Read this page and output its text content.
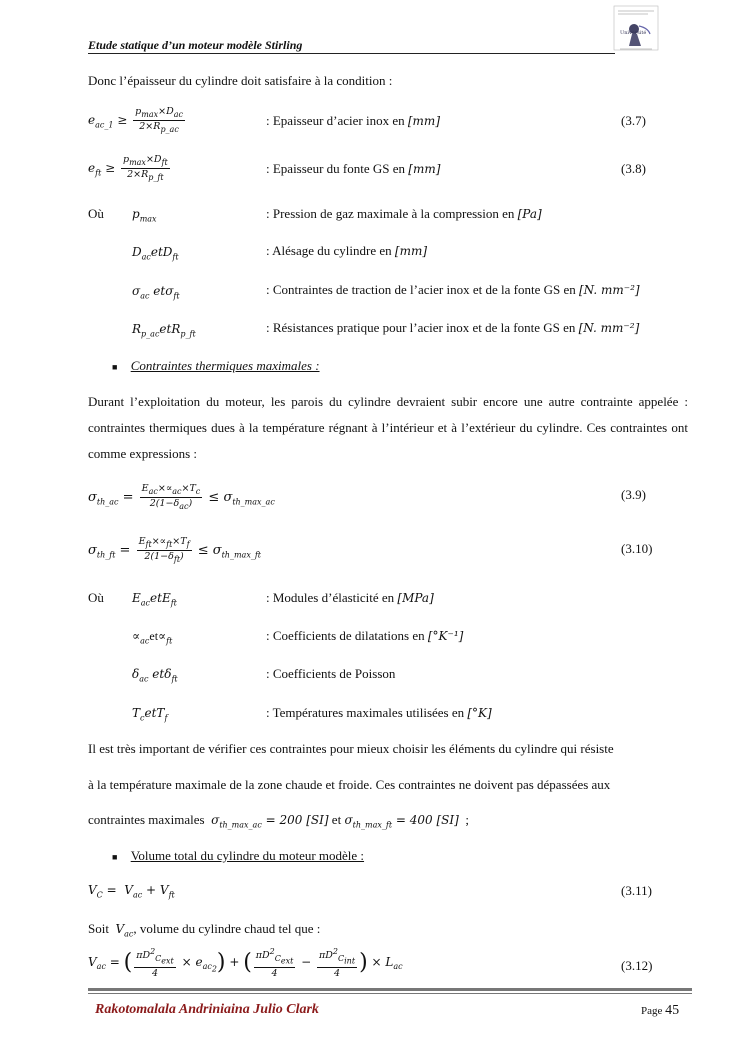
Etude statique d’un moteur modèle Stirling
Université
Donc l’épaisseur du cylindre doit satisfaire à la condition :
$e_{ac\_1} \ge \frac{p_{max}\times D_{ac}}{2\times R_{p\_ac}}$	: Epaisseur d’acier inox en [mm]	(3.7)
$e_{ft} \ge \frac{p_{max}\times D_{ft}}{2\times R_{p\_ft}}$	: Epaisseur du fonte GS en [mm]	(3.8)
Où $p_{max}$	: Pression de gaz maximale à la compression en [Pa]
$D_{ac}etD_{ft}$	: Alésage du cylindre en [mm]
$\sigma_{ac}$ etσ$_{ft}$	: Contraintes de traction de l’acier inox et de la fonte GS en [N. mm⁻²]
$R_{p\_ac}etR_{p\_ft}$	: Résistances pratique pour l’acier inox et de la fonte GS en [N. mm⁻²]
■ Contraintes thermiques maximales :
Durant l’exploitation du moteur, les parois du cylindre devraient subir encore une autre contrainte appelée : contraintes thermiques dues à la température régnant à l’intérieur et à l’extérieur du cylindre. Ces contraintes ont comme expressions :
$\sigma_{th\_ac} = \frac{E_{ac}\times\propto_{ac}\times T_c}{2(1-\delta_{ac})} \le \sigma_{th\_max\_ac}$	(3.9)
$\sigma_{th\_ft} = \frac{E_{ft}\times\propto_{ft}\times T_f}{2(1-\delta_{ft})} \le \sigma_{th\_max\_ft}$	(3.10)
Où $E_{ac}etE_{ft}$	: Modules d’élasticité en [MPa]
$\propto_{ac}et\propto_{ft}$	: Coefficients de dilatations en [°K⁻¹]
$\delta_{ac}$ etδ$_{ft}$	: Coefficients de Poisson
$T_cetT_f$	: Températures maximales utilisées en [°K]
Il est très important de vérifier ces contraintes pour mieux choisir les éléments du cylindre qui résiste
à la température maximale de la zone chaude et froide. Ces contraintes ne doivent pas dépassées aux
contraintes maximales $\sigma_{th\_max\_ac} = 200$ [SI] et $\sigma_{th\_max\_ft} = 400$ [SI] ;
■ Volume total du cylindre du moteur modèle :
$V_C = V_{ac} + V_{ft}$	(3.11)
Soit $V_{ac}$, volume du cylindre chaud tel que :
$V_{ac}$ = ( $\frac{\pi D^2_{C_{ext}}}{4} \times e_{ac_2}$) + ( $\frac{\pi D^2_{C_{ext}}}{4} - \frac{\pi D^2_{C_{int}}}{4}$ ) × $L_{ac}$	(3.12)
Rakotomalala Andriniaina Julio Clark	Page 45
